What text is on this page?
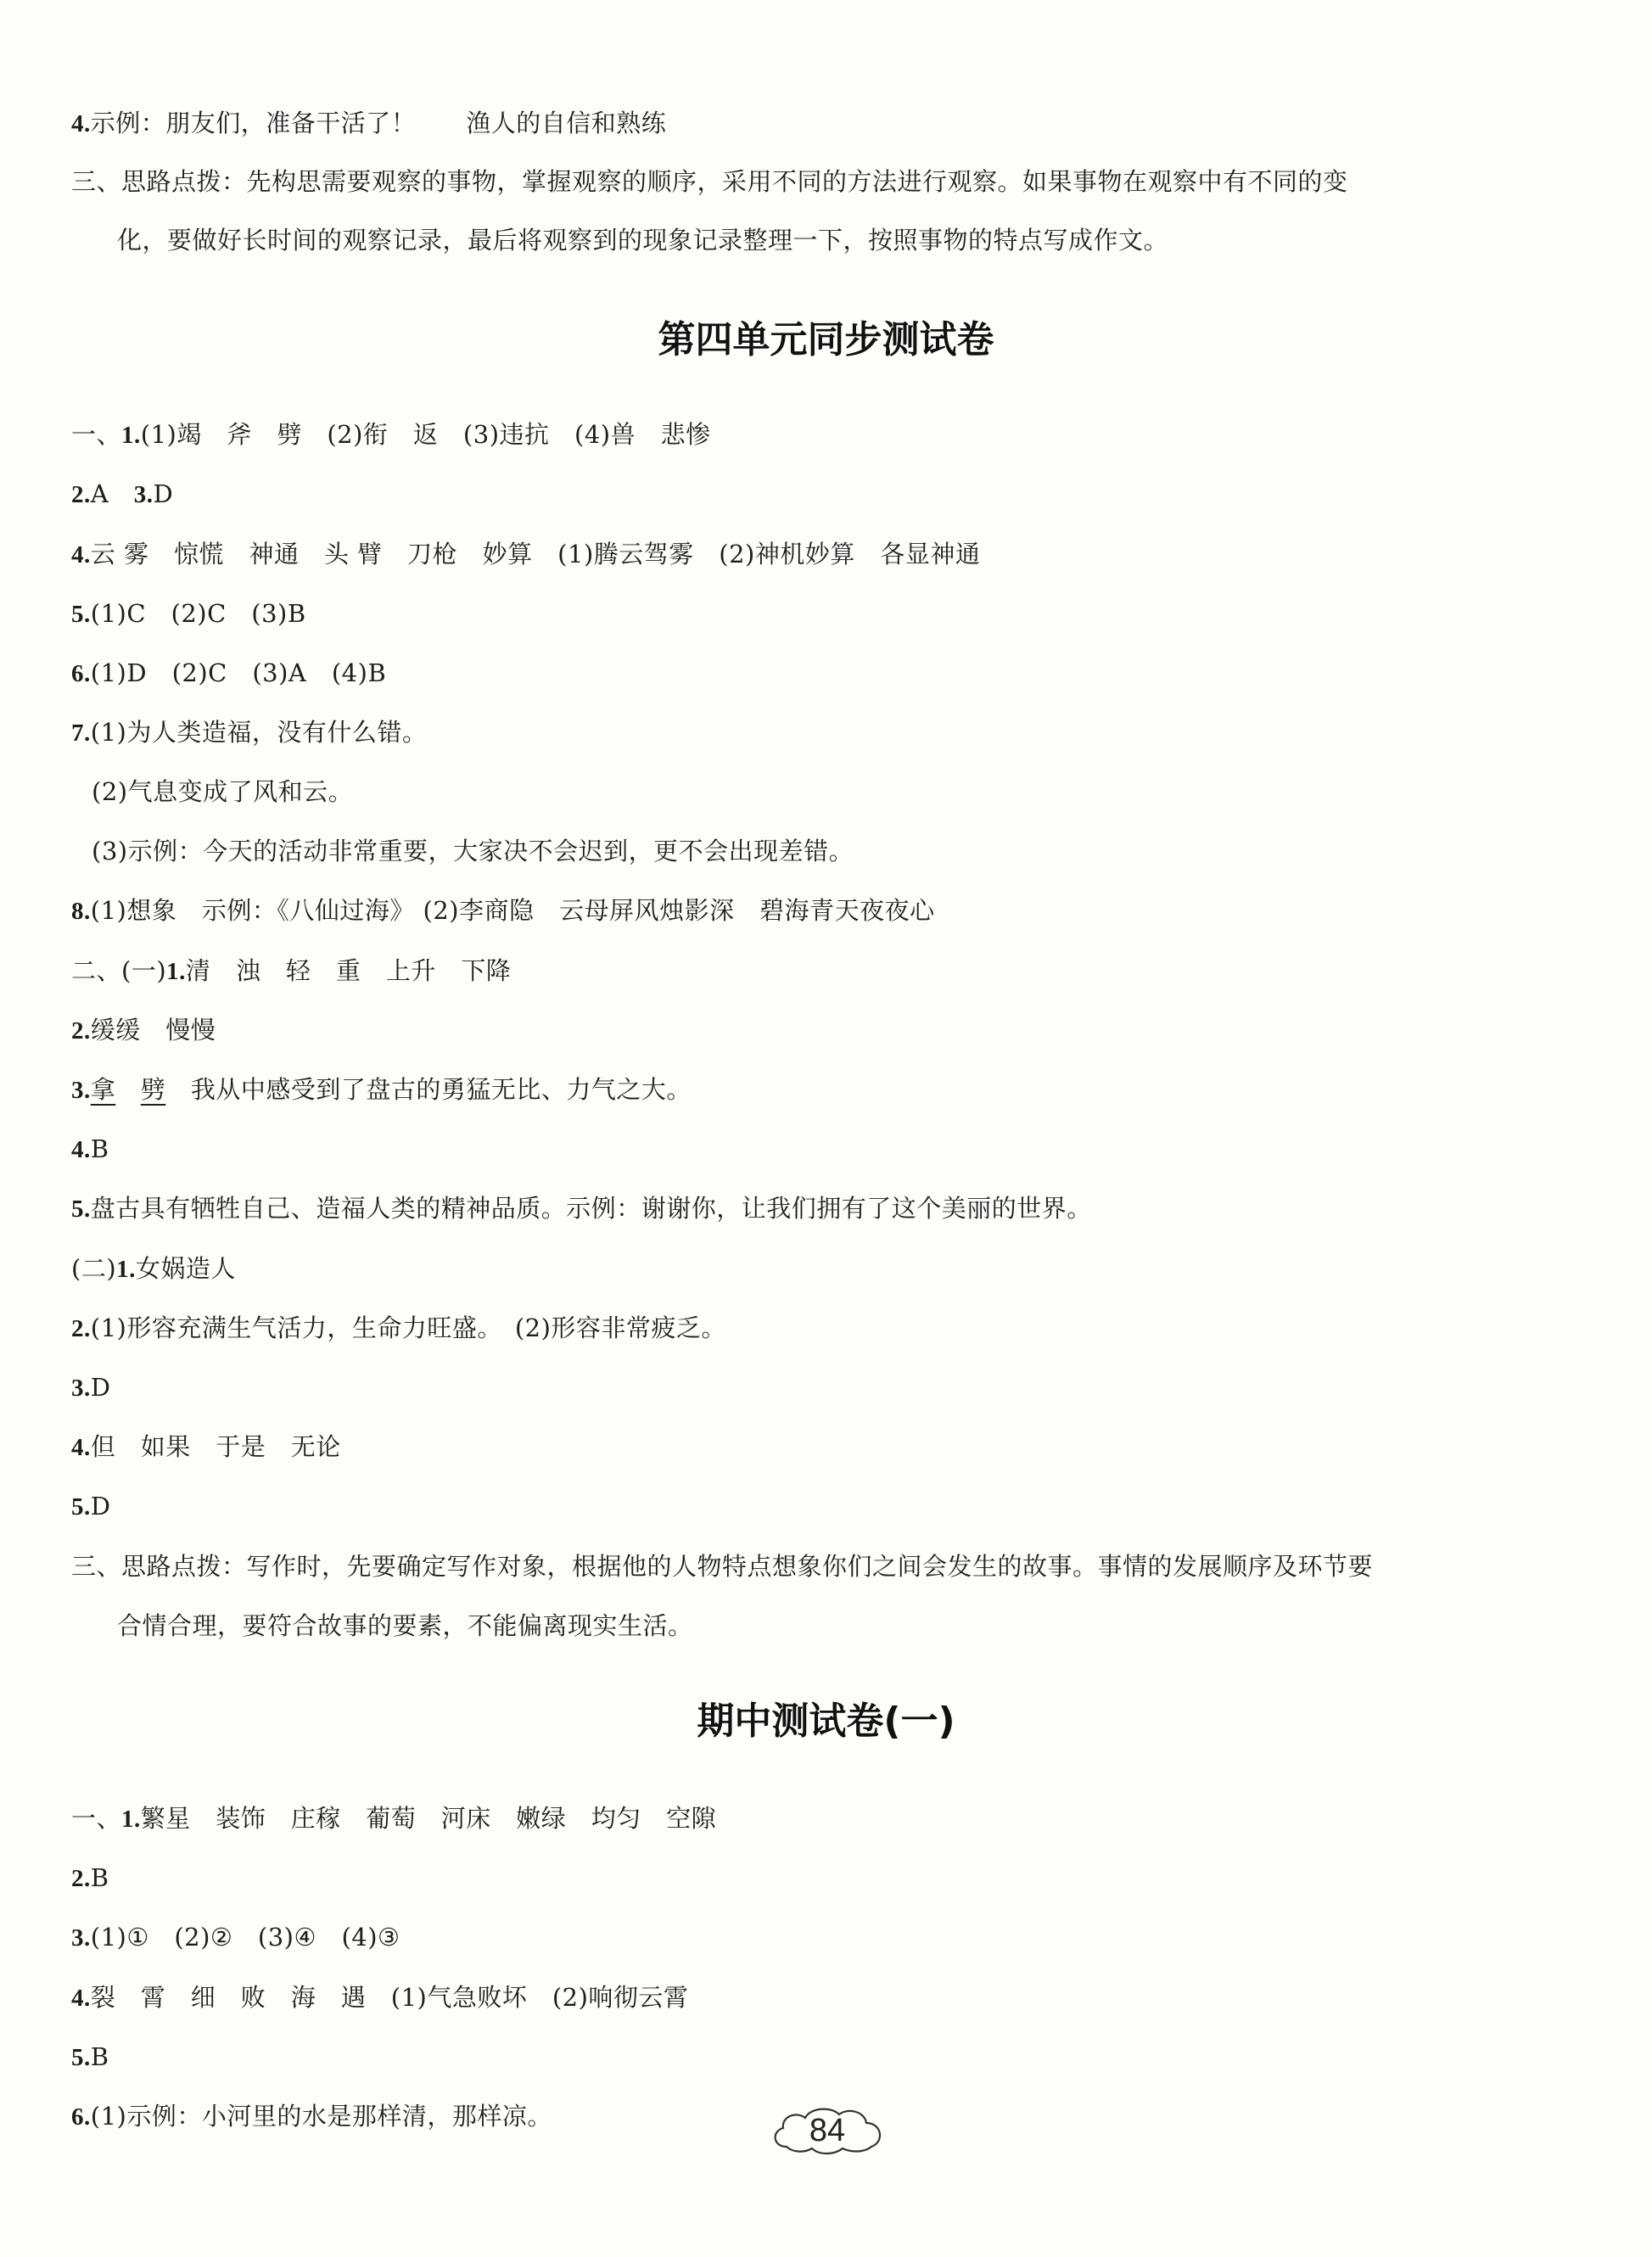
4.示例：朋友们，准备干活了！　　渔人的自信和熟练
三、思路点拨：先构思需要观察的事物，掌握观察的顺序，采用不同的方法进行观察。如果事物在观察中有不同的变
化，要做好长时间的观察记录，最后将观察到的现象记录整理一下，按照事物的特点写成作文。
第四单元同步测试卷
一、1.(1)竭　斧　劈　(2)衔　返　(3)违抗　(4)兽　悲惨
2.A　3.D
4.云 雾　惊慌　神通　头 臂　刀枪　妙算　(1)腾云驾雾　(2)神机妙算　各显神通
5.(1)C　(2)C　(3)B
6.(1)D　(2)C　(3)A　(4)B
7.(1)为人类造福，没有什么错。
(2)气息变成了风和云。
(3)示例：今天的活动非常重要，大家决不会迟到，更不会出现差错。
8.(1)想象　示例：《八仙过海》 (2)李商隐　云母屏风烛影深　碧海青天夜夜心
二、(一)1.清　浊　轻　重　上升　下降
2.缓缓　慢慢
3.拿　 劈　 我从中感受到了盘古的勇猛无比、力气之大。
4.B
5.盘古具有牺牲自己、造福人类的精神品质。示例：谢谢你，让我们拥有了这个美丽的世界。
(二)1.女娲造人
2.(1)形容充满生气活力，生命力旺盛。　(2)形容非常疲乏。
3.D
4.但　如果　于是　无论
5.D
三、思路点拨：写作时，先要确定写作对象，根据他的人物特点想象你们之间会发生的故事。事情的发展顺序及环节要
合情合理，要符合故事的要素，不能偏离现实生活。
期中测试卷(一)
一、1.繁星　装饰　庄稼　葡萄　河床　嫩绿　均匀　空隙
2.B
3.(1)①　(2)②　(3)④　(4)③
4.裂　霄　细　败　海　遇　(1)气急败坏　(2)响彻云霄
5.B
6.(1)示例：小河里的水是那样清，那样凉。	84
